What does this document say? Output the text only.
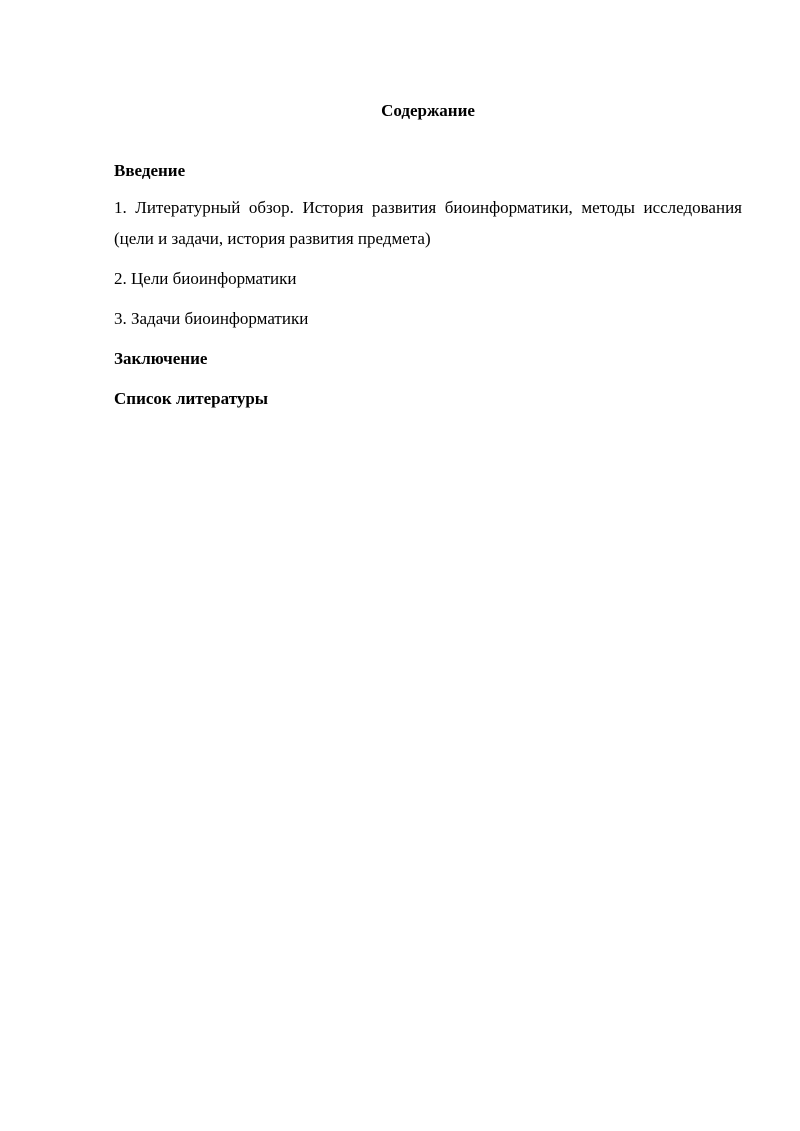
Содержание
Введение
1. Литературный обзор. История развития биоинформатики, методы исследования (цели и задачи, история развития предмета)
2. Цели биоинформатики
3. Задачи биоинформатики
Заключение
Список литературы
